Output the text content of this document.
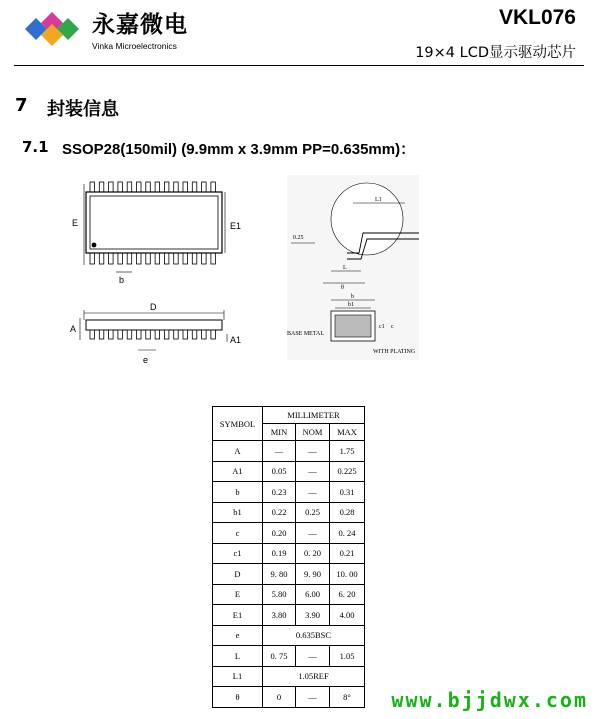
永嘉微电
Vinka Microelectronics
VKL076
19×4 LCD显示驱动芯片
7 封装信息
7.1 SSOP28(150mil) (9.9mm x 3.9mm PP=0.635mm)：
E	E1
b
D
A
A1
e
L1
0.25
L
θ
b
b1
c1 c
BASE METAL
WITH PLATING
SYMBOL	MILLIMETER		
	MIN	NOM	MAX
A	—	—	1.75
A1	0.05	—	0.225
b	0.23	—	0.31
b1	0.22	0.25	0.28
c	0.20	—	0. 24
c1	0.19	0. 20	0.21
D	9. 80	9. 90	10. 00
E	5.80	6.00	6. 20
E1	3.80	3.90	4.00
e	0.635BSC		
L	0. 75	—	1.05
L1	1.05REF		
θ	0	—	8° www.bjjdwx.com
